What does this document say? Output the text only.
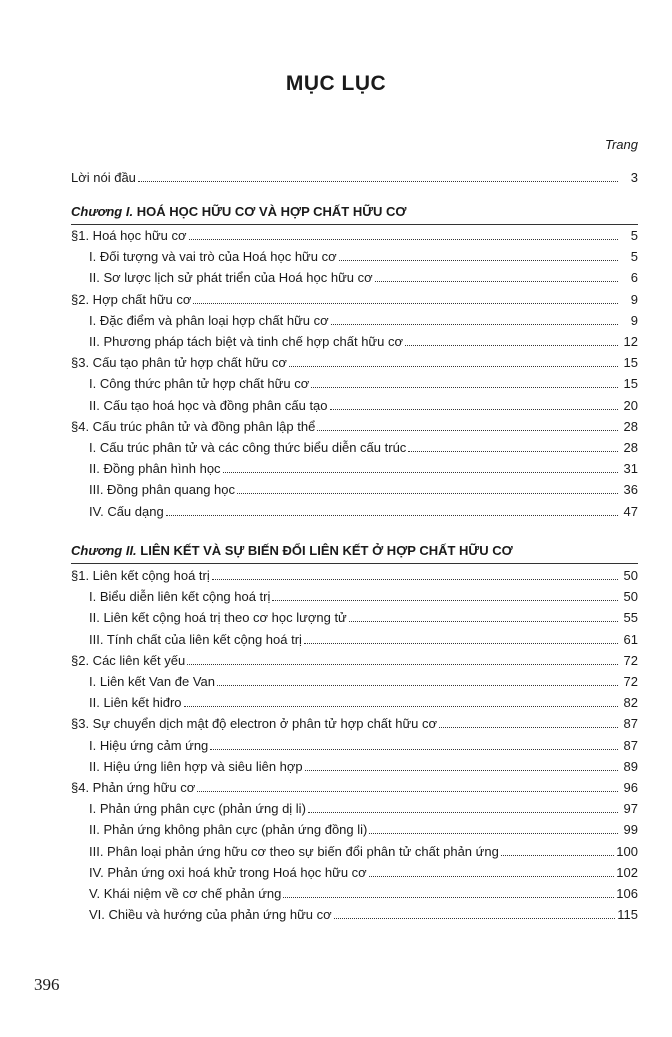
MỤC LỤC
Trang
Lời nói đầu	3
Chương I. HOÁ HỌC HỮU CƠ VÀ HỢP CHẤT HỮU CƠ
§1. Hoá học hữu cơ	5
I. Đối tượng và vai trò của Hoá học hữu cơ	5
II. Sơ lược lịch sử phát triển của Hoá học hữu cơ	6
§2. Hợp chất hữu cơ	9
I. Đặc điểm và phân loại hợp chất hữu cơ	9
II. Phương pháp tách biệt và tinh chế hợp chất hữu cơ	12
§3. Cấu tạo phân tử hợp chất hữu cơ	15
I. Công thức phân tử hợp chất hữu cơ	15
II. Cấu tạo hoá học và đồng phân cấu tạo	20
§4. Cấu trúc phân tử và đồng phân lập thể	28
I. Cấu trúc phân tử và các công thức biểu diễn cấu trúc	28
II. Đồng phân hình học	31
III. Đồng phân quang học	36
IV. Cấu dạng	47
Chương II. LIÊN KẾT VÀ SỰ BIẾN ĐỔI LIÊN KẾT Ở HỢP CHẤT HỮU CƠ
§1. Liên kết cộng hoá trị	50
I. Biểu diễn liên kết cộng hoá trị	50
II. Liên kết cộng hoá trị theo cơ học lượng tử	55
III. Tính chất của liên kết cộng hoá trị	61
§2. Các liên kết yếu	72
I. Liên kết Van đe Van	72
II. Liên kết hiđro	82
§3. Sự chuyển dịch mật độ electron ở phân tử hợp chất hữu cơ	87
I. Hiệu ứng cảm ứng	87
II. Hiệu ứng liên hợp và siêu liên hợp	89
§4. Phản ứng hữu cơ	96
I. Phản ứng phân cực (phản ứng dị li)	97
II. Phản ứng không phân cực (phản ứng đồng li)	99
III. Phân loại phản ứng hữu cơ theo sự biến đổi phân tử chất phản ứng	100
IV. Phản ứng oxi hoá khử trong Hoá học hữu cơ	102
V. Khái niệm về cơ chế phản ứng	106
VI. Chiều và hướng của phản ứng hữu cơ	115
396
